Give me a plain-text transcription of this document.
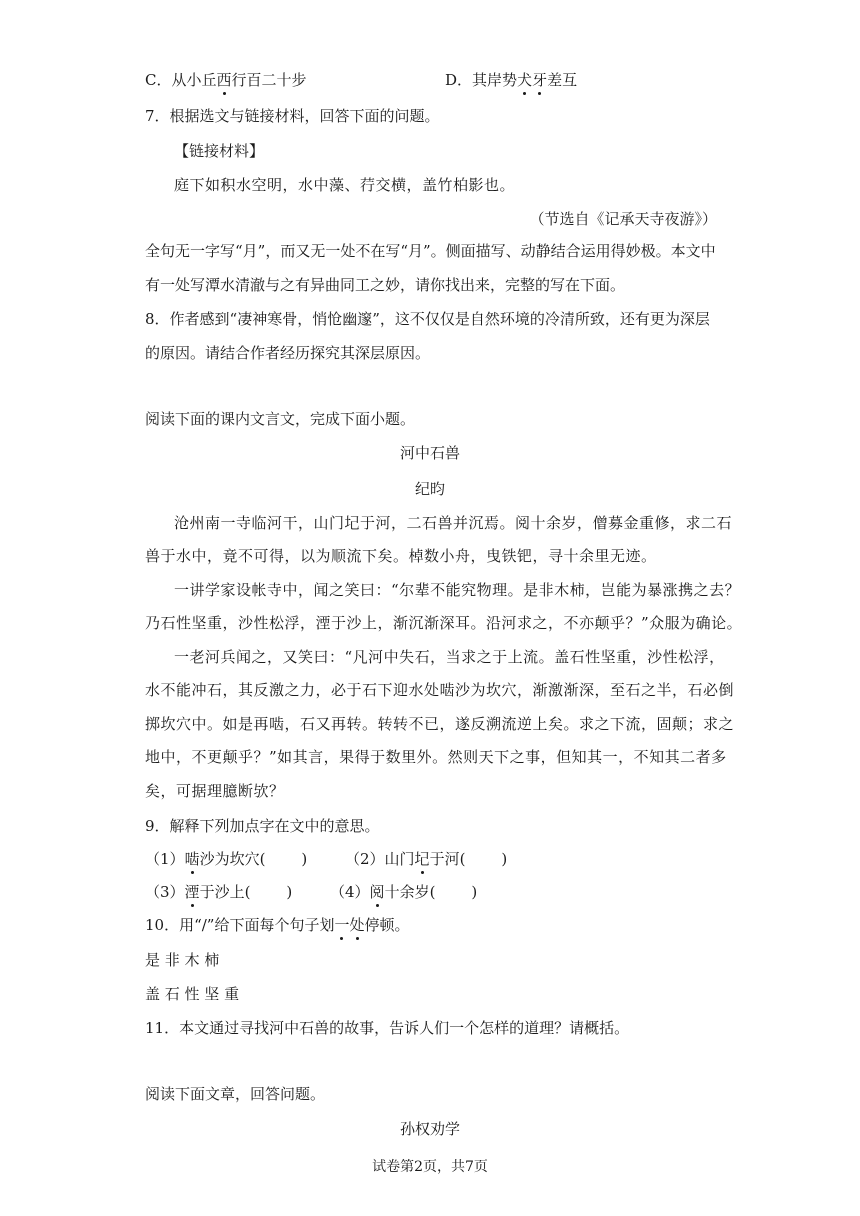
C．从小丘西行百二十步	D．其岸势犬牙差互
7．根据选文与链接材料，回答下面的问题。
【链接材料】
庭下如积水空明，水中藻、荇交横，盖竹柏影也。
（节选自《记承天寺夜游》）
全句无一字写“月”，而又无一处不在写“月”。侧面描写、动静结合运用得妙极。本文中
有一处写潭水清澈与之有异曲同工之妙，请你找出来，完整的写在下面。
8．作者感到“凄神寒骨，悄怆幽邃”，这不仅仅是自然环境的冷清所致，还有更为深层
的原因。请结合作者经历探究其深层原因。
阅读下面的课内文言文，完成下面小题。
河中石兽
纪昀
沧州南一寺临河干，山门圮于河，二石兽并沉焉。阅十余岁，僧募金重修，求二石
兽于水中，竟不可得，以为顺流下矣。棹数小舟，曳铁钯，寻十余里无迹。
一讲学家设帐寺中，闻之笑曰：“尔辈不能究物理。是非木柿，岂能为暴涨携之去？
乃石性坚重，沙性松浮，湮于沙上，渐沉渐深耳。沿河求之，不亦颠乎？”众服为确论。
一老河兵闻之，又笑曰：“凡河中失石，当求之于上流。盖石性坚重，沙性松浮，
水不能冲石，其反激之力，必于石下迎水处啮沙为坎穴，渐激渐深，至石之半，石必倒
掷坎穴中。如是再啮，石又再转。转转不已，遂反溯流逆上矣。求之下流，固颠；求之
地中，不更颠乎？”如其言，果得于数里外。然则天下之事，但知其一，不知其二者多
矣，可据理臆断欤？
9．解释下列加点字在文中的意思。
（1）啮沙为坎穴( )	（2）山门圮于河( )
（3）湮于沙上( )	（4）阅十余岁( )
10．用“/”给下面每个句子划一处停顿。
是 非 木 柿
盖 石 性 坚 重
11．本文通过寻找河中石兽的故事，告诉人们一个怎样的道理？请概括。
阅读下面文章，回答问题。
孙权劝学
试卷第2页，共7页
